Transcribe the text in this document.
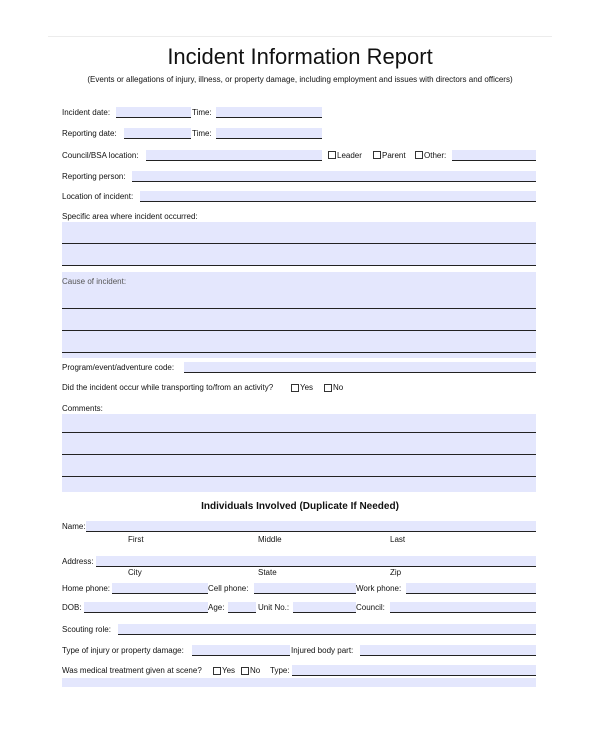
Incident Information Report
(Events or allegations of injury, illness, or property damage, including employment and issues with directors and officers)
Incident date:	Time:
Reporting date:	Time:
Council/BSA location:	Leader	Parent Other:
Reporting person:
Location of incident:
Specific area where incident occurred:
Cause of incident:
Program/event/adventure code:
Did the incident occur while transporting to/from an activity?	Yes No
Comments:
Individuals Involved (Duplicate If Needed)
Name:
First	Middle	Last
Address:
City	State	Zip
Home phone:	Cell phone:	Work phone:
DOB:	Age:	Unit No.:	Council:
Scouting role:
Type of injury or property damage:	Injured body part:
Was medical treatment given at scene?	Yes No Type:
